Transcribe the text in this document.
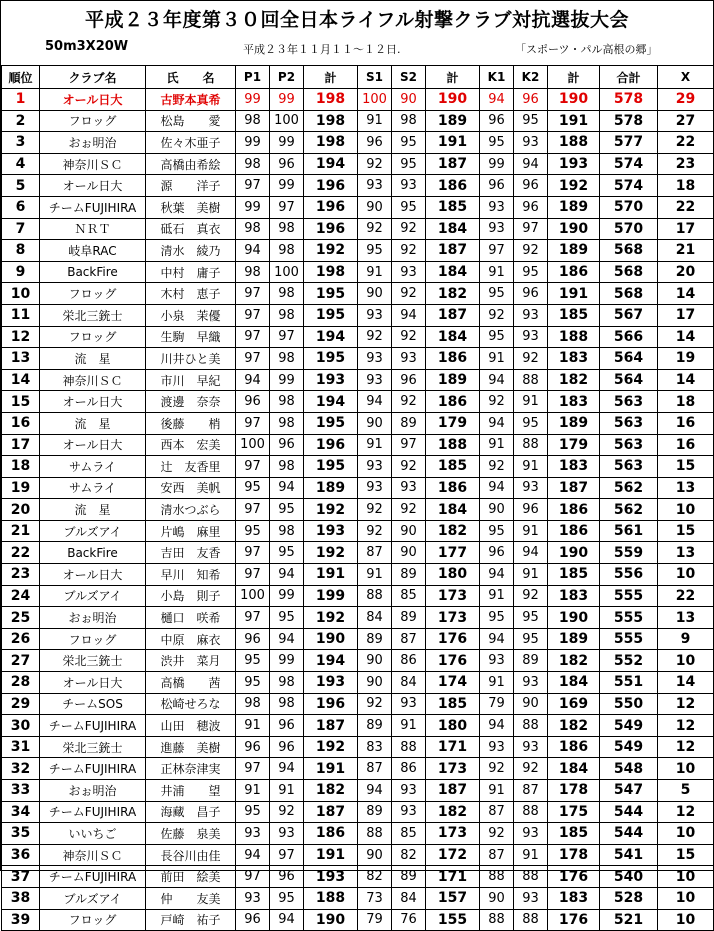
平成２３年度第３０回全日本ライフル射撃クラブ対抗選抜大会
50m3X20W	平成２３年１１月１１〜１２日.	「スポーツ・パル高根の郷」
順位	クラブ名	氏　　名	P1	P2	計	S1	S2	計	K1	K2	計	合計	X
1	オール日大	古野本真希	99	99	198	100	90	190	94	96	190	578	29
2	フロッグ	松島　　愛	98	100	198	91	98	189	96	95	191	578	27
3	おぉ明治	佐々木亜子	99	99	198	96	95	191	95	93	188	577	22
4	神奈川ＳＣ	高橋由希絵	98	96	194	92	95	187	99	94	193	574	23
5	オール日大	源　　洋子	97	99	196	93	93	186	96	96	192	574	18
6	チームFUJIHIRA	秋葉　美樹	99	97	196	90	95	185	93	96	189	570	22
7	ＮＲＴ	砥石　真衣	98	98	196	92	92	184	93	97	190	570	17
8	岐阜RAC	清水　綾乃	94	98	192	95	92	187	97	92	189	568	21
9	BackFire	中村　庸子	98	100	198	91	93	184	91	95	186	568	20
10	フロッグ	木村　恵子	97	98	195	90	92	182	95	96	191	568	14
11	栄北三銃士	小泉　茉優	97	98	195	93	94	187	92	93	185	567	17
12	フロッグ	生駒　早織	97	97	194	92	92	184	95	93	188	566	14
13	流　星	川井ひと美	97	98	195	93	93	186	91	92	183	564	19
14	神奈川ＳＣ	市川　早紀	94	99	193	93	96	189	94	88	182	564	14
15	オール日大	渡邊　奈奈	96	98	194	94	92	186	92	91	183	563	18
16	流　星	後藤　　梢	97	98	195	90	89	179	94	95	189	563	16
17	オール日大	西本　宏美	100	96	196	91	97	188	91	88	179	563	16
18	サムライ	辻　友香里	97	98	195	93	92	185	92	91	183	563	15
19	サムライ	安西　美帆	95	94	189	93	93	186	94	93	187	562	13
20	流　星	清水つぶら	97	95	192	92	92	184	90	96	186	562	10
21	ブルズアイ	片嶋　麻里	95	98	193	92	90	182	95	91	186	561	15
22	BackFire	吉田　友香	97	95	192	87	90	177	96	94	190	559	13
23	オール日大	早川　知希	97	94	191	91	89	180	94	91	185	556	10
24	ブルズアイ	小島　則子	100	99	199	88	85	173	91	92	183	555	22
25	おぉ明治	樋口　咲希	97	95	192	84	89	173	95	95	190	555	13
26	フロッグ	中原　麻衣	96	94	190	89	87	176	94	95	189	555	9
27	栄北三銃士	渋井　菜月	95	99	194	90	86	176	93	89	182	552	10
28	オール日大	高橋　　茜	95	98	193	90	84	174	91	93	184	551	14
29	チームSOS	松崎せろな	98	98	196	92	93	185	79	90	169	550	12
30	チームFUJIHIRA	山田　穂波	91	96	187	89	91	180	94	88	182	549	12
31	栄北三銃士	進藤　美樹	96	96	192	83	88	171	93	93	186	549	12
32	チームFUJIHIRA	正林奈津実	97	94	191	87	86	173	92	92	184	548	10
33	おぉ明治	井浦　　望	91	91	182	94	93	187	91	87	178	547	5
34	チームFUJIHIRA	海藏　昌子	95	92	187	89	93	182	87	88	175	544	12
35	いいちご	佐藤　泉美	93	93	186	88	85	173	92	93	185	544	10
36	神奈川ＳＣ	長谷川由佳	94	97	191	90	82	172	87	91	178	541	15
37	チームFUJIHIRA	前田　絵美	97	96	193	82	89	171	88	88	176	540	10
38	ブルズアイ	仲　　友美	93	95	188	73	84	157	90	93	183	528	10
39	フロッグ	戸崎　祐子	96	94	190	79	76	155	88	88	176	521	10
